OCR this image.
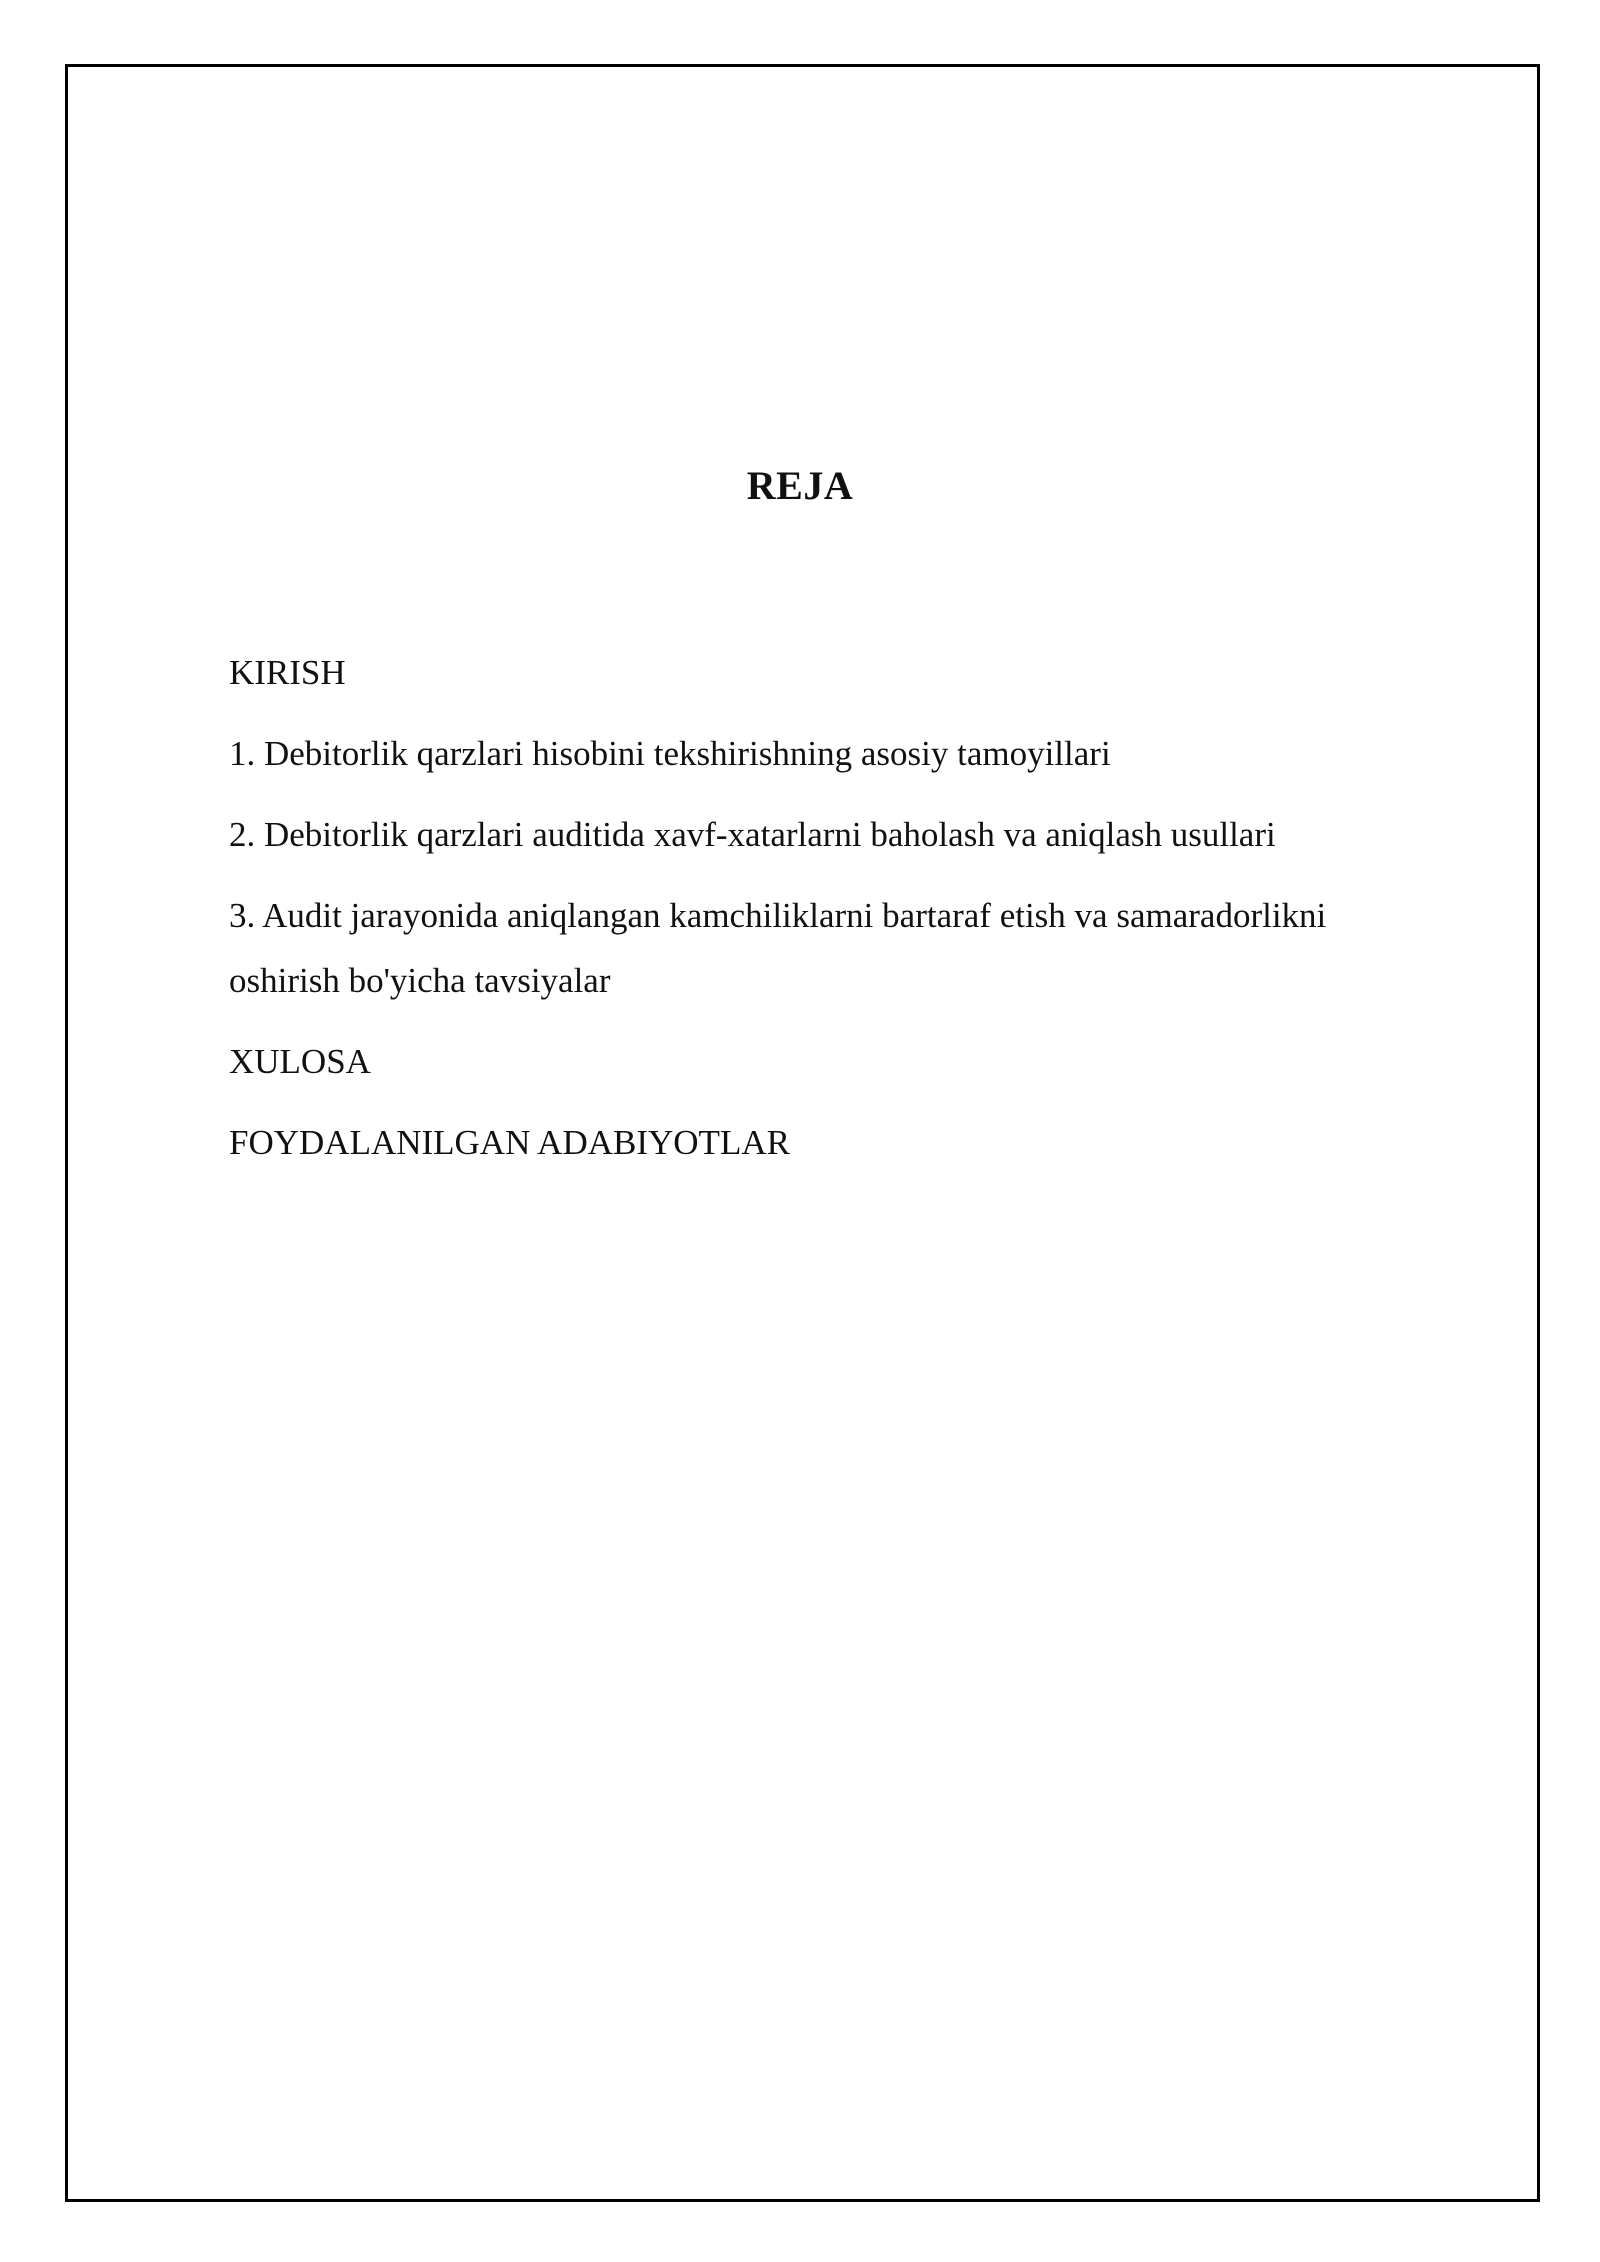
REJA
KIRISH
1. Debitorlik qarzlari hisobini tekshirishning asosiy tamoyillari
2. Debitorlik qarzlari auditida xavf-xatarlarni baholash va aniqlash usullari
3. Audit jarayonida aniqlangan kamchiliklarni bartaraf etish va samaradorlikni oshirish bo'yicha tavsiyalar
XULOSA
FOYDALANILGAN ADABIYOTLAR
